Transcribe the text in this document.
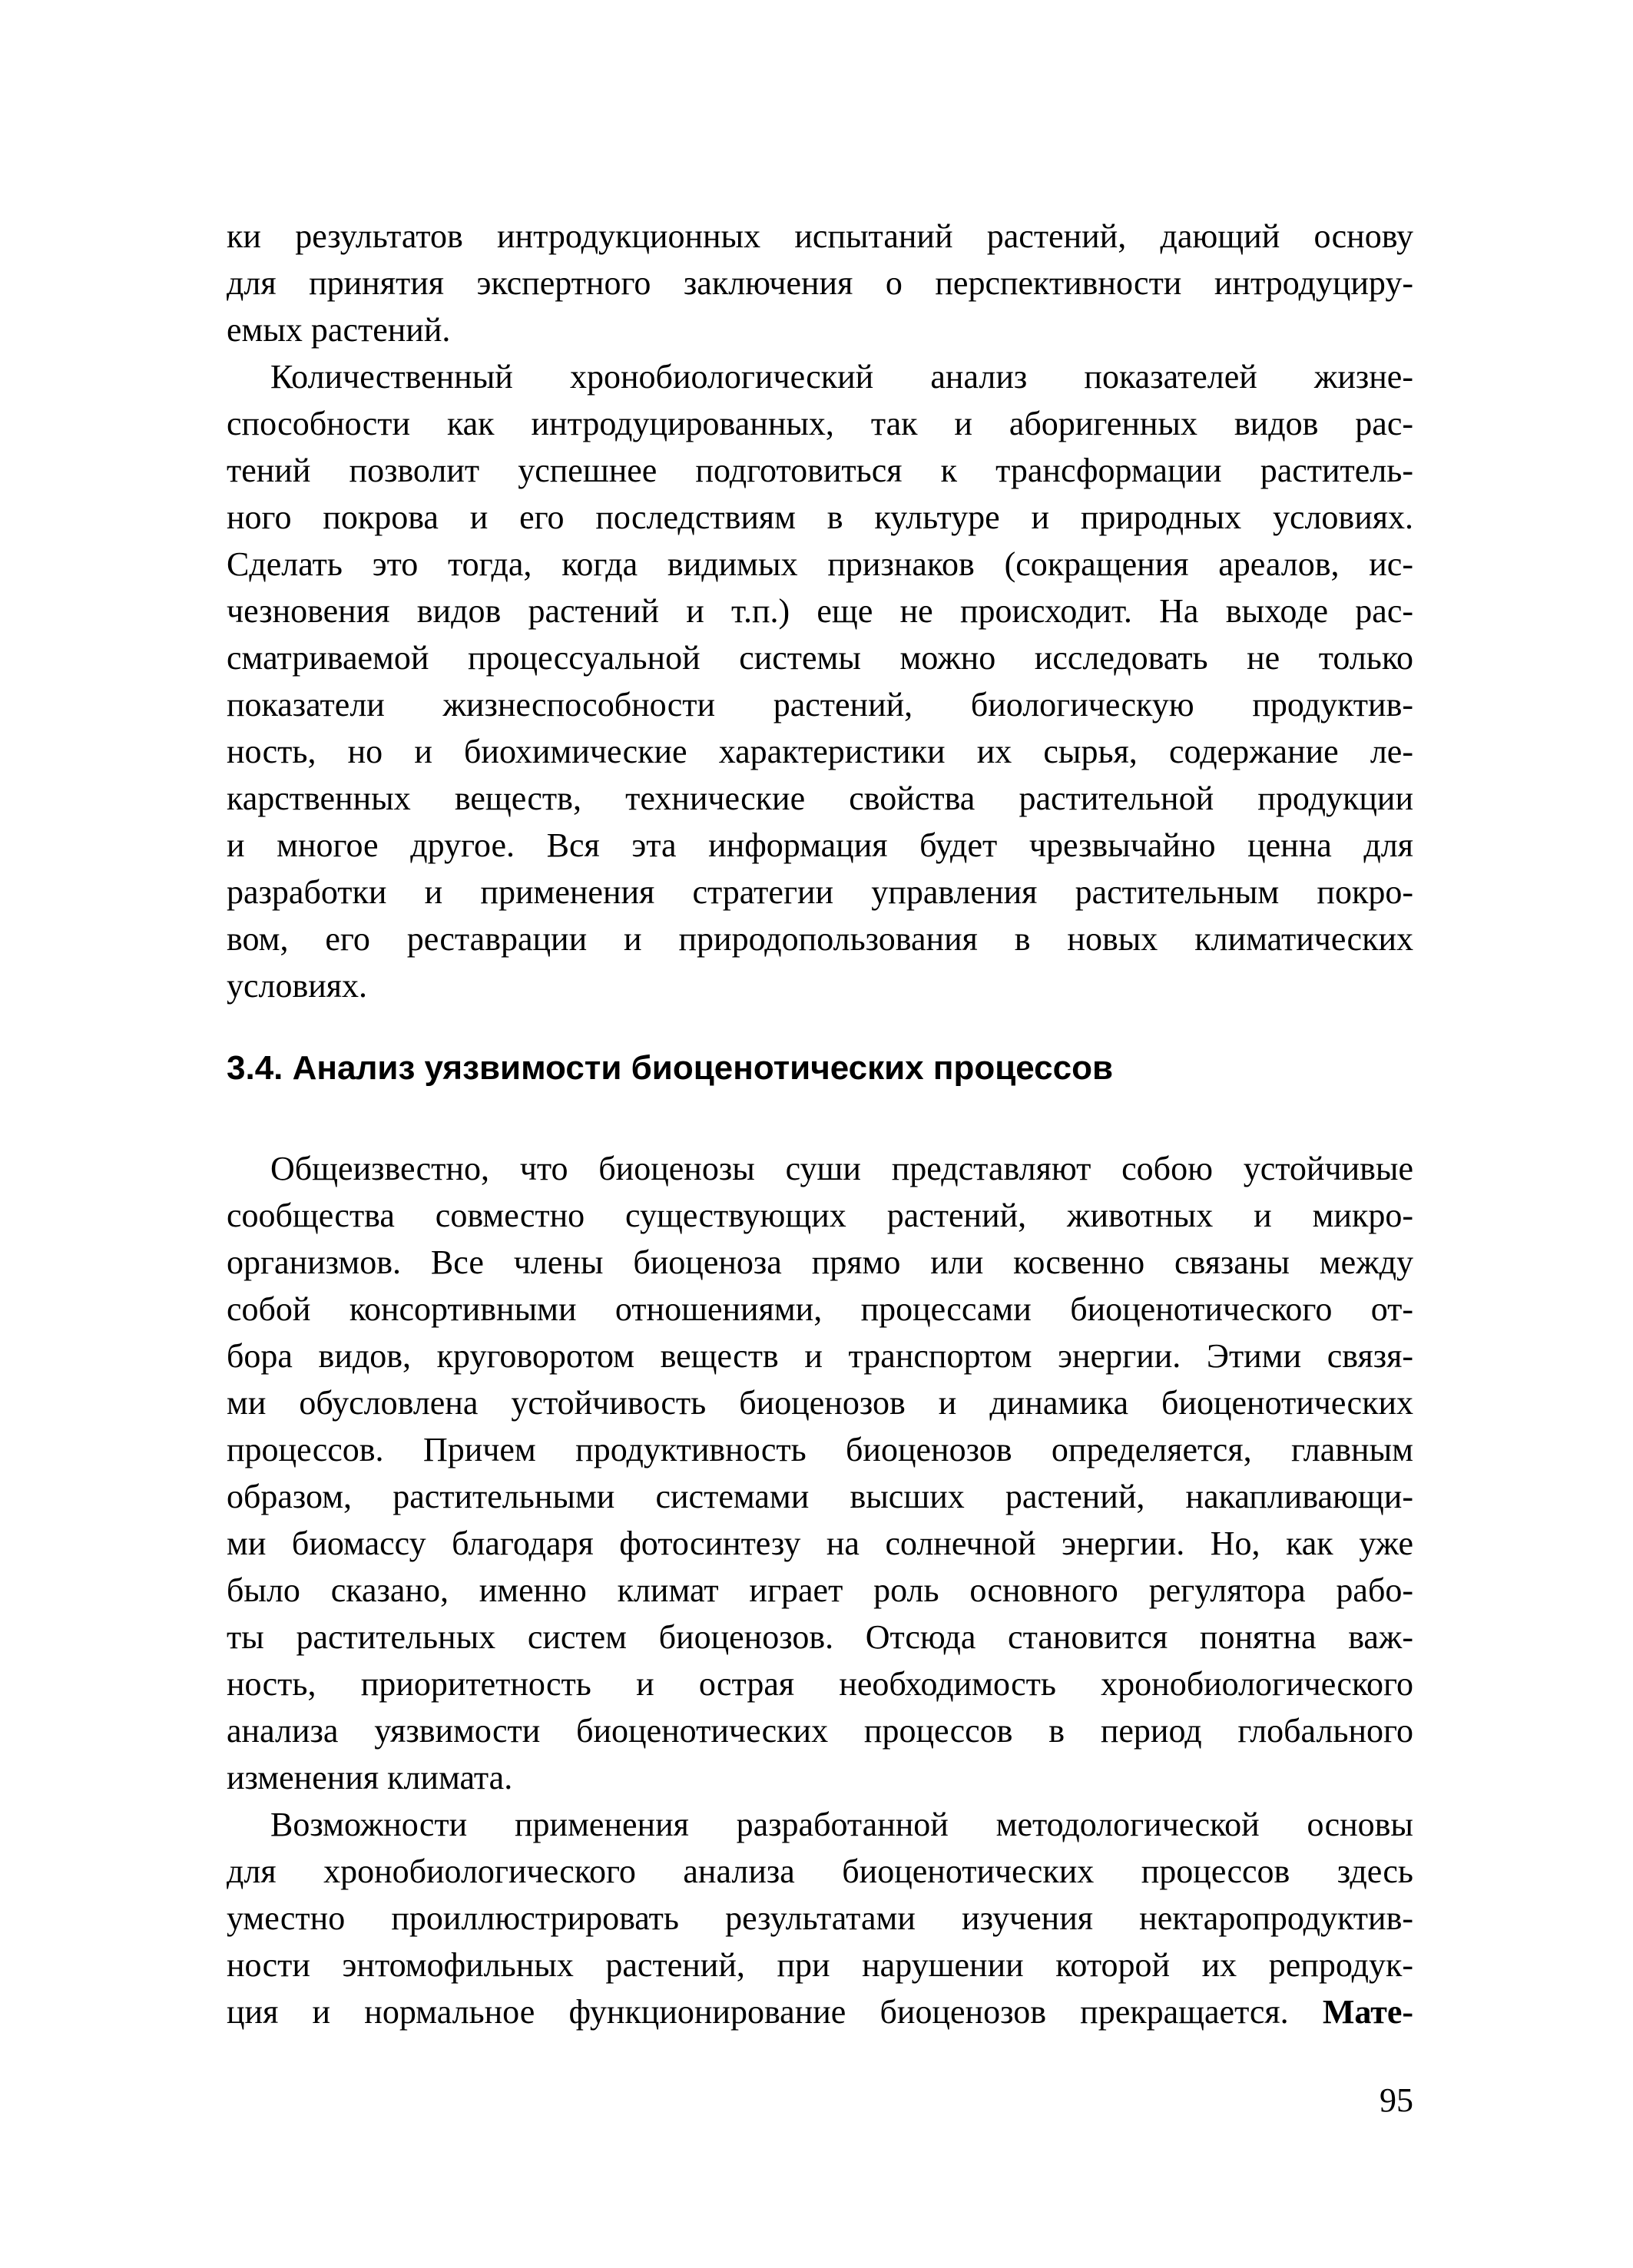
ки результатов интродукционных испытаний растений, дающий основу
для принятия экспертного заключения о перспективности интродуциру-
емых растений.
Количественный хронобиологический анализ показателей жизне-
способности как интродуцированных, так и аборигенных видов рас-
тений позволит успешнее подготовиться к трансформации раститель-
ного покрова и его последствиям в культуре и природных условиях.
Сделать это тогда, когда видимых признаков (сокращения ареалов, ис-
чезновения видов растений и т.п.) еще не происходит. На выходе рас-
сматриваемой процессуальной системы можно исследовать не только
показатели жизнеспособности растений, биологическую продуктив-
ность, но и биохимические характеристики их сырья, содержание ле-
карственных веществ, технические свойства растительной продукции
и многое другое. Вся эта информация будет чрезвычайно ценна для
разработки и применения стратегии управления растительным покро-
вом, его реставрации и природопользования в новых климатических
условиях.
3.4. Анализ уязвимости биоценотических процессов
Общеизвестно, что биоценозы суши представляют собою устойчивые
сообщества совместно существующих растений, животных и микро-
организмов. Все члены биоценоза прямо или косвенно связаны между
собой консортивными отношениями, процессами биоценотического от-
бора видов, круговоротом веществ и транспортом энергии. Этими связя-
ми обусловлена устойчивость биоценозов и динамика биоценотических
процессов. Причем продуктивность биоценозов определяется, главным
образом, растительными системами высших растений, накапливающи-
ми биомассу благодаря фотосинтезу на солнечной энергии. Но, как уже
было сказано, именно климат играет роль основного регулятора рабо-
ты растительных систем биоценозов. Отсюда становится понятна важ-
ность, приоритетность и острая необходимость хронобиологического
анализа уязвимости биоценотических процессов в период глобального
изменения климата.
Возможности применения разработанной методологической основы
для хронобиологического анализа биоценотических процессов здесь
уместно проиллюстрировать результатами изучения нектаропродуктив-
ности энтомофильных растений, при нарушении которой их репродук-
ция и нормальное функционирование биоценозов прекращается. Мате-
95
